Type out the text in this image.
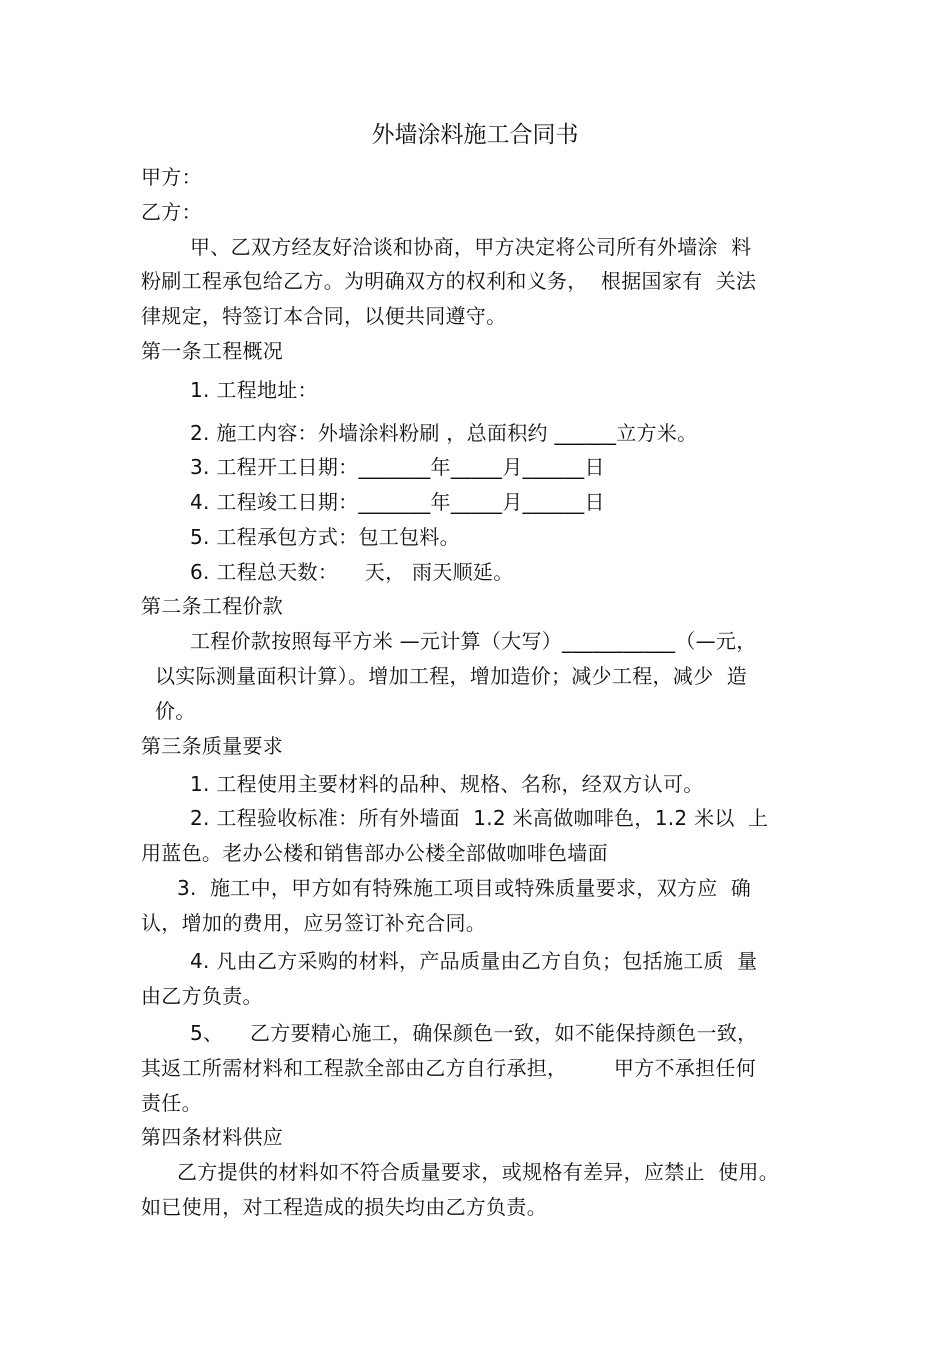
外墙涂料施工合同书
甲方：
乙方：
甲、乙双方经友好洽谈和协商，甲方决定将公司所有外墙涂  料
粉刷工程承包给乙方。为明确双方的权利和义务，  根据国家有  关法
律规定，特签订本合同，以便共同遵守。
第一条工程概况
1. 工程地址：
2. 施工内容：外墙涂料粉刷 ，总面积约 ______立方米。
3. 工程开工日期：_______年_____月______日
4. 工程竣工日期：_______年_____月______日
5. 工程承包方式：包工包料。
6. 工程总天数：    天， 雨天顺延。
第二条工程价款
工程价款按照每平方米 —元计算（大写）___________（—元，
以实际测量面积计算）。增加工程，增加造价；减少工程，减少  造
价。
第三条质量要求
1. 工程使用主要材料的品种、规格、名称，经双方认可。
2. 工程验收标准：所有外墙面  1.2 米高做咖啡色，1.2 米以  上
用蓝色。老办公楼和销售部办公楼全部做咖啡色墙面
3.  施工中，甲方如有特殊施工项目或特殊质量要求，双方应  确
认，增加的费用，应另签订补充合同。
4. 凡由乙方采购的材料，产品质量由乙方自负；包括施工质  量
由乙方负责。
5、    乙方要精心施工，确保颜色一致，如不能保持颜色一致，
其返工所需材料和工程款全部由乙方自行承担，       甲方不承担任何
责任。
第四条材料供应
乙方提供的材料如不符合质量要求，或规格有差异，应禁止  使用。
如已使用，对工程造成的损失均由乙方负责。
